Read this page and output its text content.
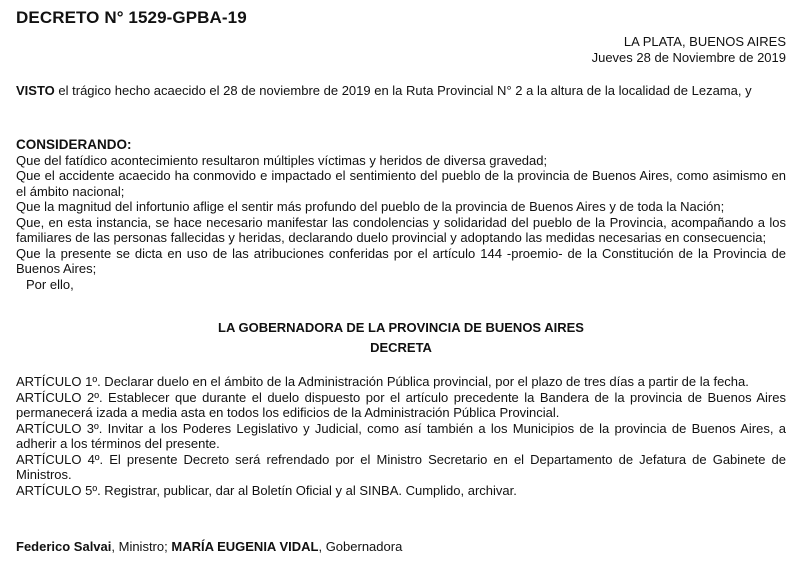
DECRETO N° 1529-GPBA-19
LA PLATA, BUENOS AIRES
Jueves 28 de Noviembre de 2019
VISTO el trágico hecho acaecido el 28 de noviembre de 2019 en la Ruta Provincial N° 2 a la altura de la localidad de Lezama, y
CONSIDERANDO:

Que del fatídico acontecimiento resultaron múltiples víctimas y heridos de diversa gravedad;

Que el accidente acaecido ha conmovido e impactado el sentimiento del pueblo de la provincia de Buenos Aires, como asimismo en el ámbito nacional;

Que la magnitud del infortunio aflige el sentir más profundo del pueblo de la provincia de Buenos Aires y de toda la Nación;

Que, en esta instancia, se hace necesario manifestar las condolencias y solidaridad del pueblo de la Provincia, acompañando a los familiares de las personas fallecidas y heridas, declarando duelo provincial y adoptando las medidas necesarias en consecuencia;

Que la presente se dicta en uso de las atribuciones conferidas por el artículo 144 -proemio- de la Constitución de la Provincia de Buenos Aires;

Por ello,

LA GOBERNADORA DE LA PROVINCIA DE BUENOS AIRES
DECRETA

ARTÍCULO 1º. Declarar duelo en el ámbito de la Administración Pública provincial, por el plazo de tres días a partir de la fecha.

ARTÍCULO 2º. Establecer que durante el duelo dispuesto por el artículo precedente la Bandera de la provincia de Buenos Aires permanecerá izada a media asta en todos los edificios de la Administración Pública Provincial.

ARTÍCULO 3º. Invitar a los Poderes Legislativo y Judicial, como así también a los Municipios de la provincia de Buenos Aires, a adherir a los términos del presente.

ARTÍCULO 4º. El presente Decreto será refrendado por el Ministro Secretario en el Departamento de Jefatura de Gabinete de Ministros.

ARTÍCULO 5º. Registrar, publicar, dar al Boletín Oficial y al SINBA. Cumplido, archivar.

Federico Salvai, Ministro; MARÍA EUGENIA VIDAL, Gobernadora
